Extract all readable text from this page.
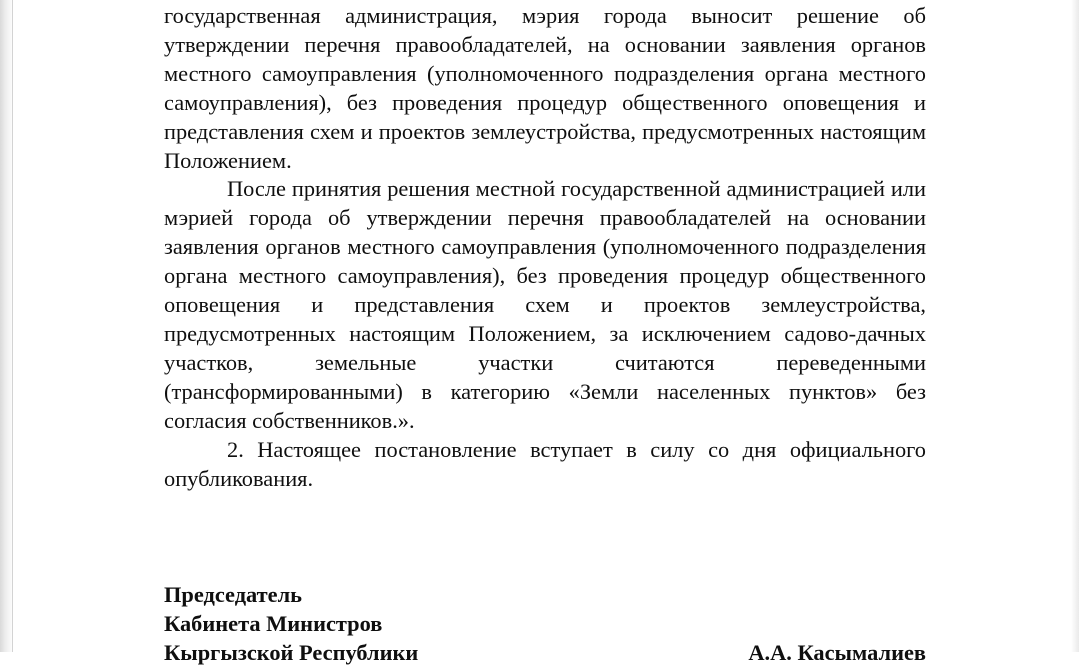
государственная администрация, мэрия города выносит решение об утверждении перечня правообладателей, на основании заявления органов местного самоуправления (уполномоченного подразделения органа местного самоуправления), без проведения процедур общественного оповещения и представления схем и проектов землеустройства, предусмотренных настоящим Положением.

После принятия решения местной государственной администрацией или мэрией города об утверждении перечня правообладателей на основании заявления органов местного самоуправления (уполномоченного подразделения органа местного самоуправления), без проведения процедур общественного оповещения и представления схем и проектов землеустройства, предусмотренных настоящим Положением, за исключением садово-дачных участков, земельные участки считаются переведенными (трансформированными) в категорию «Земли населенных пунктов» без согласия собственников.».

2. Настоящее постановление вступает в силу со дня официального опубликования.

Председатель
Кабинета Министров
Кыргызской Республики	А.А. Касымалиев
